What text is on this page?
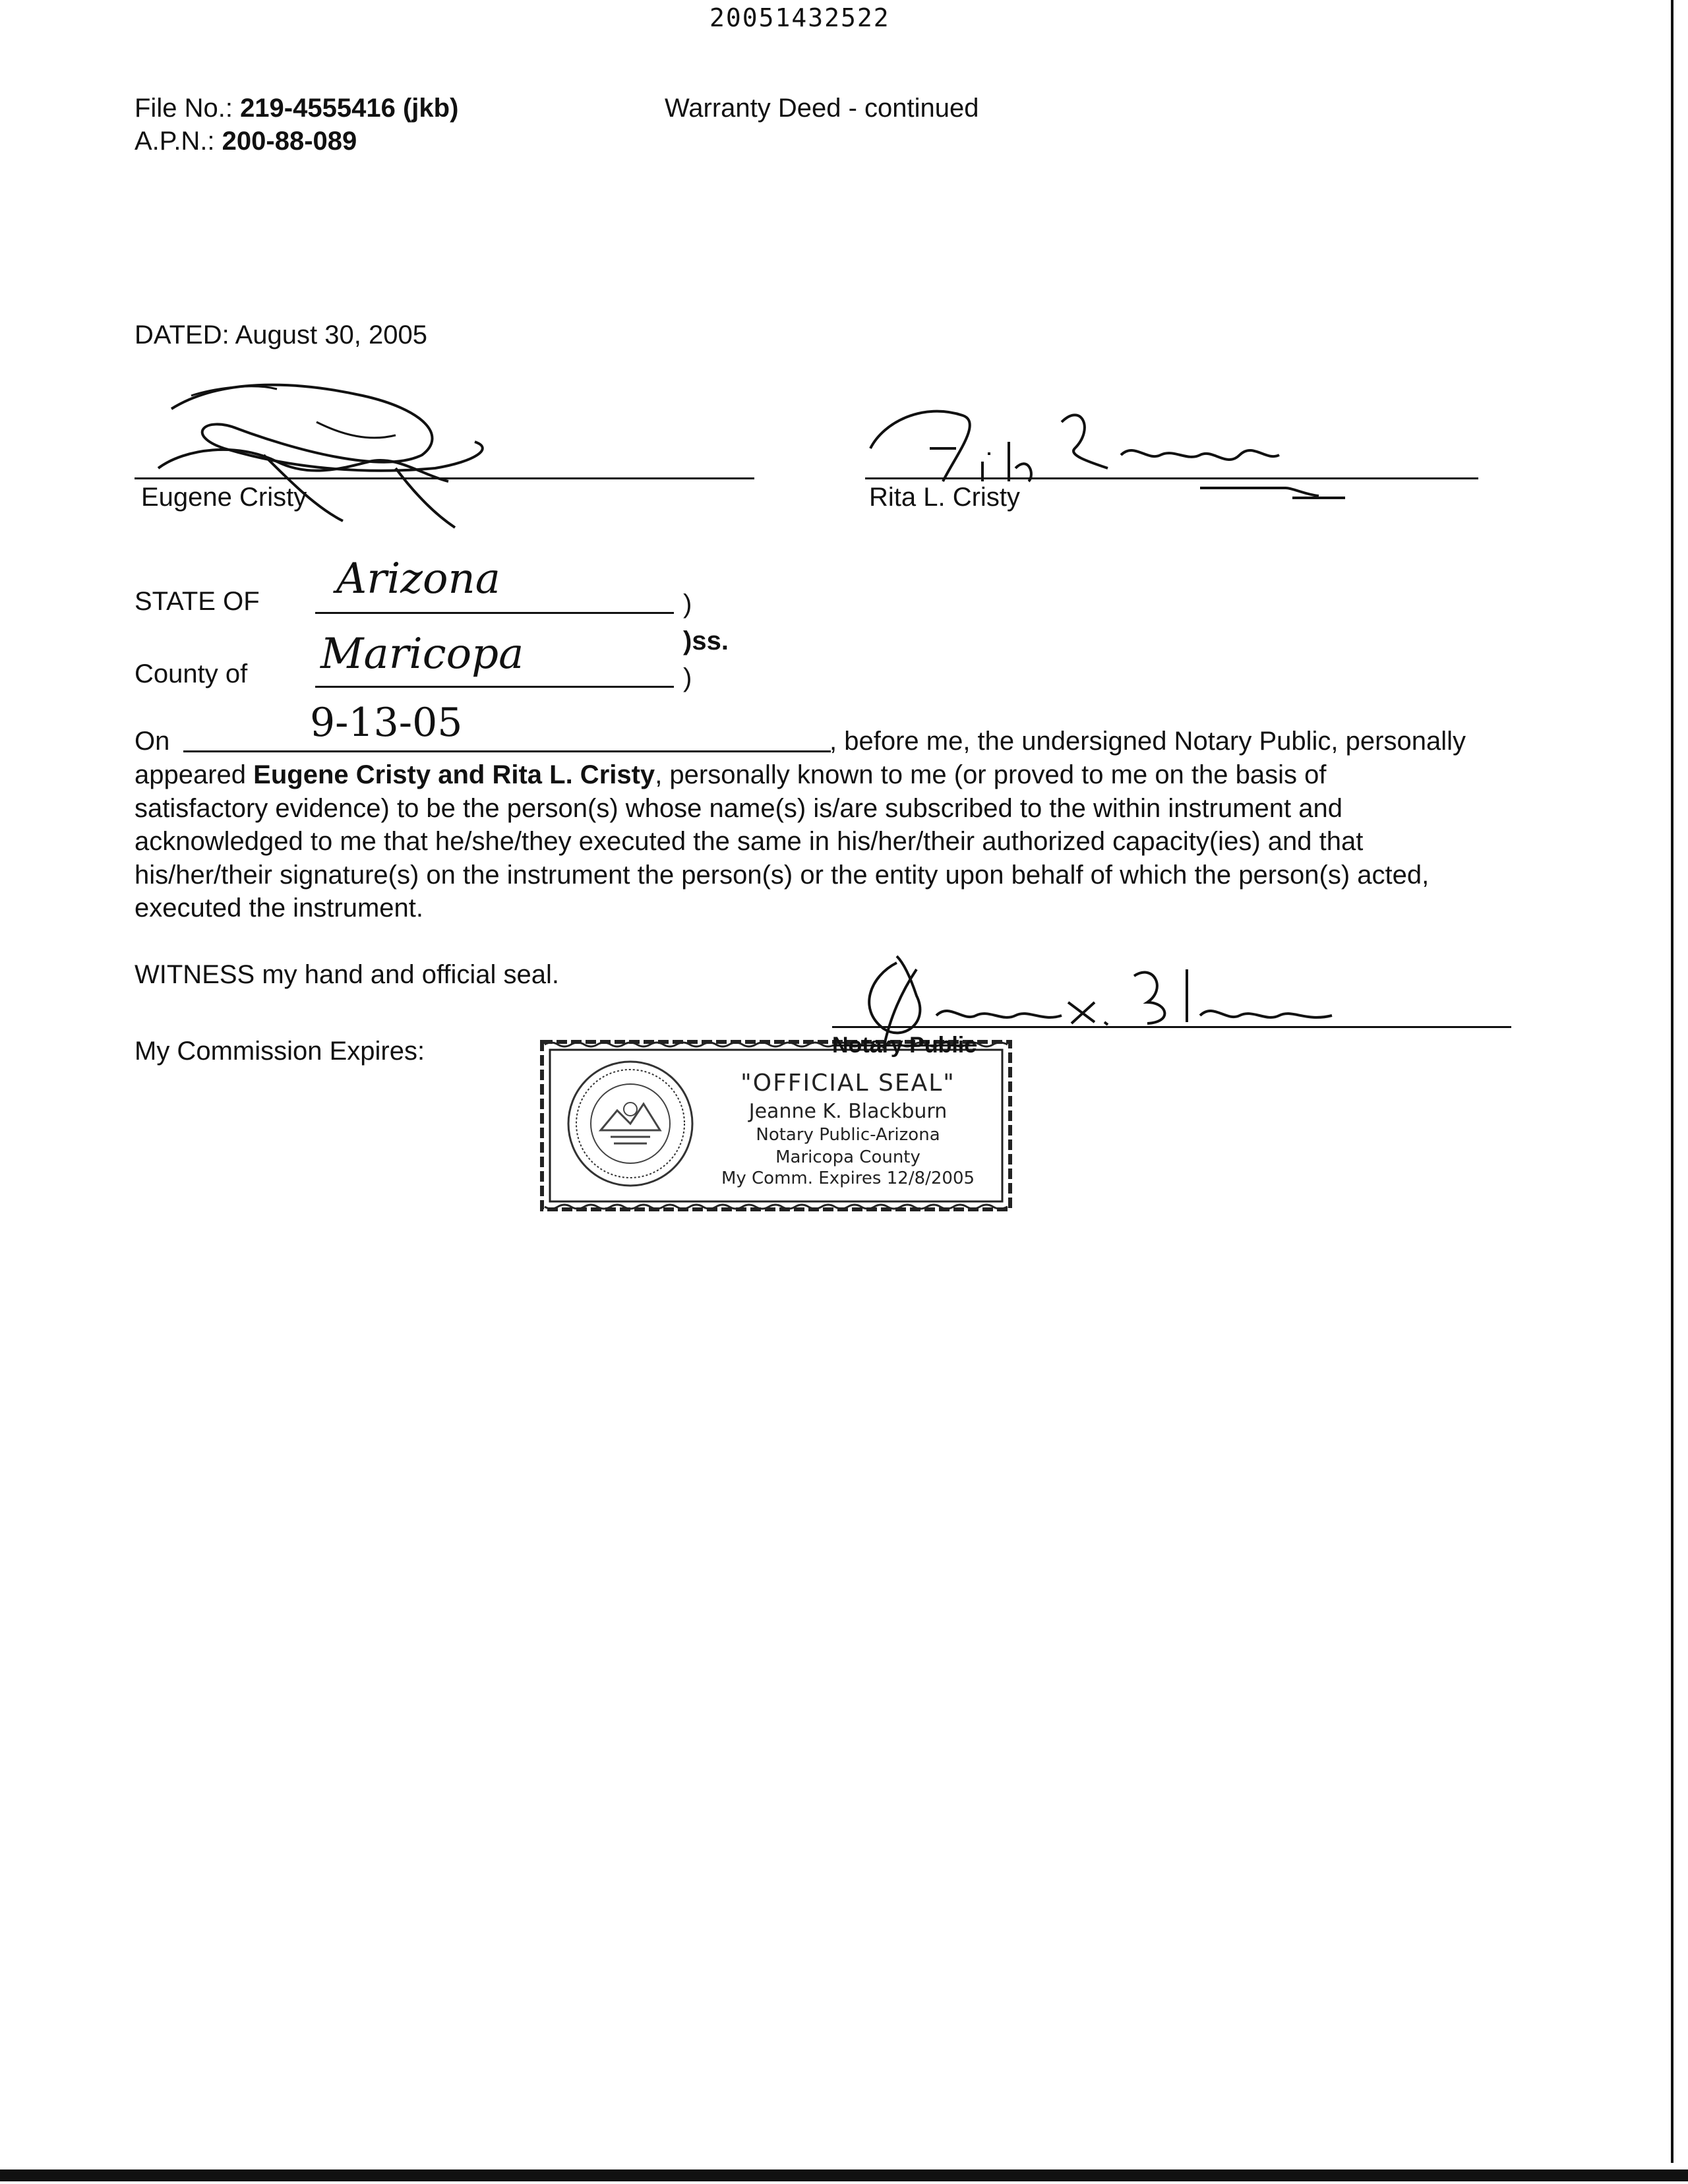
20051432522
File No.: 219-4555416 (jkb)
A.P.N.: 200-88-089
Warranty Deed - continued
DATED: August 30, 2005
Eugene Cristy	Rita L. Cristy
STATE OF Arizona
)
)ss.
County of Maricopa	)
On	9-13-05	, before me, the undersigned Notary Public, personally

appeared Eugene Cristy and Rita L. Cristy, personally known to me (or proved to me on the basis of

satisfactory evidence) to be the person(s) whose name(s) is/are subscribed to the within instrument and

acknowledged to me that he/she/they executed the same in his/her/their authorized capacity(ies) and that

his/her/their signature(s) on the instrument the person(s) or the entity upon behalf of which the person(s) acted,

executed the instrument.

WITNESS my hand and official seal.
My Commission Expires:	Notary Public
"OFFICIAL SEAL"
Jeanne K. Blackburn
Notary Public-Arizona
Maricopa County
My Comm. Expires 12/8/2005
